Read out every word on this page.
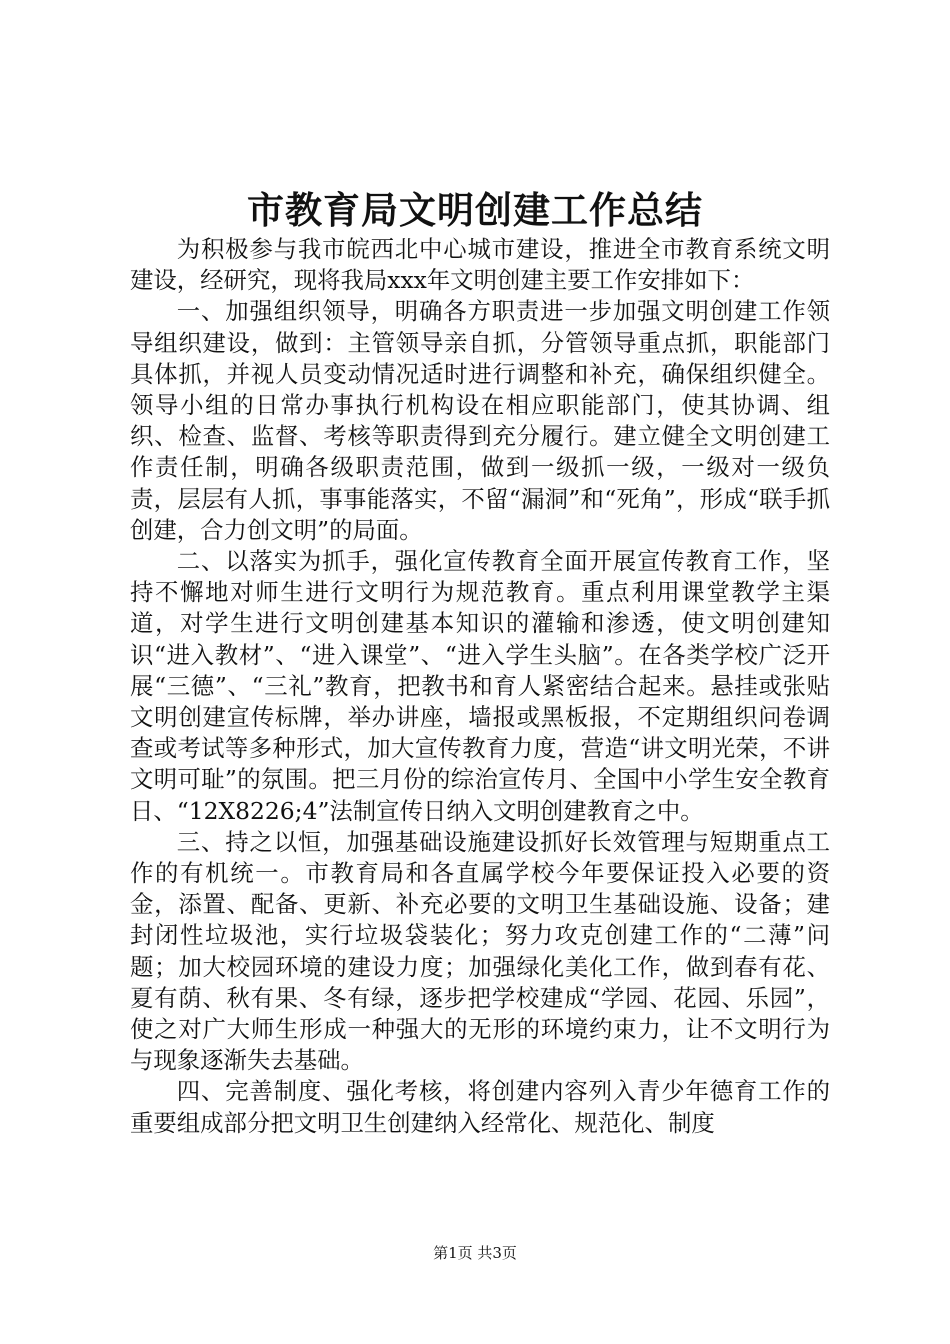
市教育局文明创建工作总结

为积极参与我市皖西北中心城市建设，推进全市教育系统文明建设，经研究，现将我局xxx年文明创建主要工作安排如下：

一、加强组织领导，明确各方职责进一步加强文明创建工作领导组织建设，做到：主管领导亲自抓，分管领导重点抓，职能部门具体抓，并视人员变动情况适时进行调整和补充，确保组织健全。领导小组的日常办事执行机构设在相应职能部门，使其协调、组织、检查、监督、考核等职责得到充分履行。建立健全文明创建工作责任制，明确各级职责范围，做到一级抓一级，一级对一级负责，层层有人抓，事事能落实，不留“漏洞”和“死角”，形成“联手抓创建，合力创文明”的局面。

二、以落实为抓手，强化宣传教育全面开展宣传教育工作，坚持不懈地对师生进行文明行为规范教育。重点利用课堂教学主渠道，对学生进行文明创建基本知识的灌输和渗透，使文明创建知识“进入教材”、“进入课堂”、“进入学生头脑”。在各类学校广泛开展“三德”、“三礼”教育，把教书和育人紧密结合起来。悬挂或张贴文明创建宣传标牌，举办讲座，墙报或黑板报，不定期组织问卷调查或考试等多种形式，加大宣传教育力度，营造“讲文明光荣，不讲文明可耻”的氛围。把三月份的综治宣传月、全国中小学生安全教育日、“12X8226;4”法制宣传日纳入文明创建教育之中。

三、持之以恒，加强基础设施建设抓好长效管理与短期重点工作的有机统一。市教育局和各直属学校今年要保证投入必要的资金，添置、配备、更新、补充必要的文明卫生基础设施、设备；建封闭性垃圾池，实行垃圾袋装化；努力攻克创建工作的“二薄”问题；加大校园环境的建设力度；加强绿化美化工作，做到春有花、夏有荫、秋有果、冬有绿，逐步把学校建成“学园、花园、乐园”，使之对广大师生形成一种强大的无形的环境约束力，让不文明行为与现象逐渐失去基础。

四、完善制度、强化考核，将创建内容列入青少年德育工作的重要组成部分把文明卫生创建纳入经常化、规范化、制度

第1页 共3页
